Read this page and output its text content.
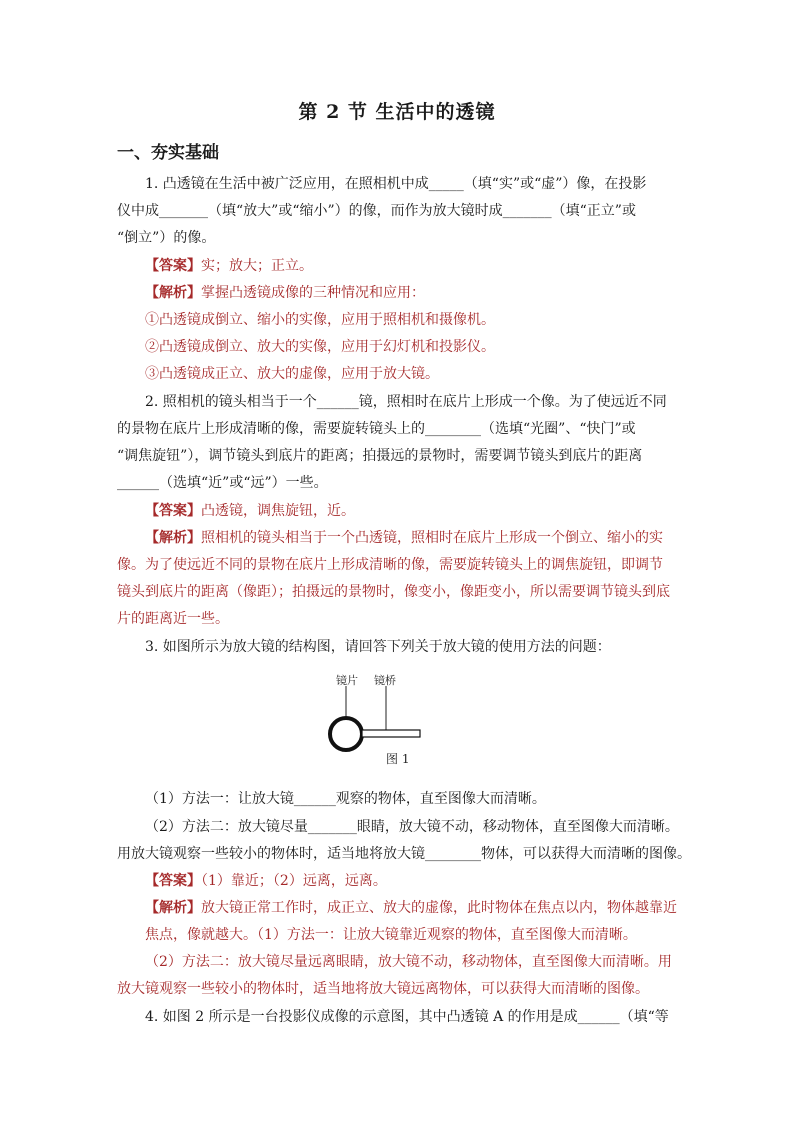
第 2 节 生活中的透镜
一、夯实基础
1. 凸透镜在生活中被广泛应用，在照相机中成_____（填“实”或“虚”）像，在投影
仪中成_______（填“放大”或“缩小”）的像，而作为放大镜时成_______（填“正立”或
“倒立”）的像。
【答案】实；放大；正立。
【解析】掌握凸透镜成像的三种情况和应用：
①凸透镜成倒立、缩小的实像，应用于照相机和摄像机。
②凸透镜成倒立、放大的实像，应用于幻灯机和投影仪。
③凸透镜成正立、放大的虚像，应用于放大镜。
2. 照相机的镜头相当于一个______镜，照相时在底片上形成一个像。为了使远近不同
的景物在底片上形成清晰的像，需要旋转镜头上的________（选填“光圈”、“快门”或
“调焦旋钮”），调节镜头到底片的距离；拍摄远的景物时，需要调节镜头到底片的距离
______（选填“近”或“远”）一些。
【答案】凸透镜，调焦旋钮，近。
【解析】照相机的镜头相当于一个凸透镜，照相时在底片上形成一个倒立、缩小的实
像。为了使远近不同的景物在底片上形成清晰的像，需要旋转镜头上的调焦旋钮，即调节
镜头到底片的距离（像距）；拍摄远的景物时，像变小，像距变小，所以需要调节镜头到底
片的距离近一些。
3. 如图所示为放大镜的结构图，请回答下列关于放大镜的使用方法的问题：
镜片 镜桥
图 1
（1）方法一：让放大镜______观察的物体，直至图像大而清晰。
（2）方法二：放大镜尽量_______眼睛，放大镜不动，移动物体，直至图像大而清晰。
用放大镜观察一些较小的物体时，适当地将放大镜________物体，可以获得大而清晰的图像。
【答案】（1）靠近；（2）远离，远离。
【解析】放大镜正常工作时，成正立、放大的虚像，此时物体在焦点以内，物体越靠近
焦点，像就越大。（1）方法一：让放大镜靠近观察的物体，直至图像大而清晰。
（2）方法二：放大镜尽量远离眼睛，放大镜不动，移动物体，直至图像大而清晰。用
放大镜观察一些较小的物体时，适当地将放大镜远离物体，可以获得大而清晰的图像。
4. 如图 2 所示是一台投影仪成像的示意图，其中凸透镜 A 的作用是成______（填“等
